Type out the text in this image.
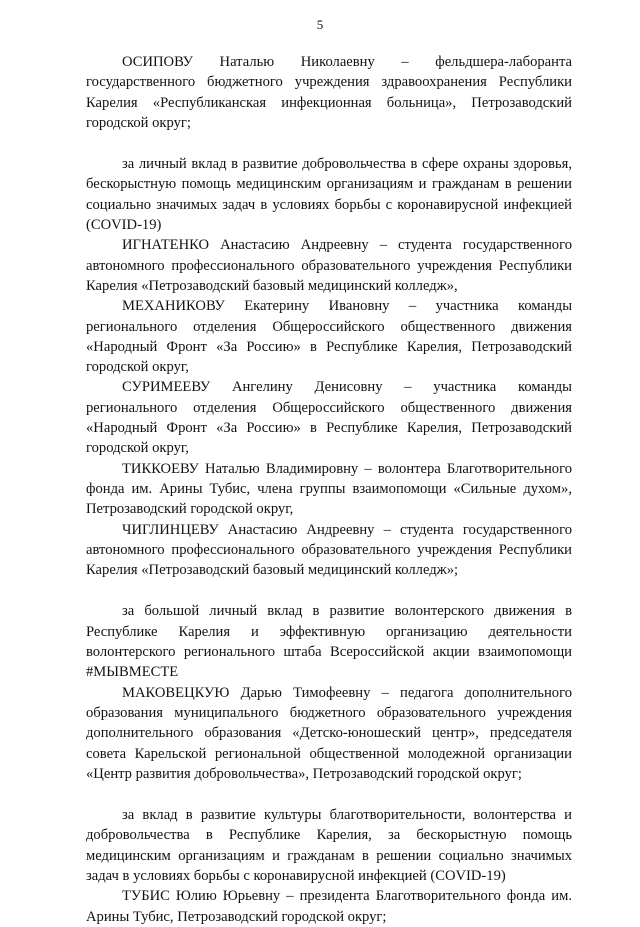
5

ОСИПОВУ Наталью Николаевну – фельдшера-лаборанта государственного бюджетного учреждения здравоохранения Республики Карелия «Республиканская инфекционная больница», Петрозаводский городской округ;

за личный вклад в развитие добровольчества в сфере охраны здоровья, бескорыстную помощь медицинским организациям и гражданам в решении социально значимых задач в условиях борьбы с коронавирусной инфекцией (COVID-19)

ИГНАТЕНКО Анастасию Андреевну – студента государственного автономного профессионального образовательного учреждения Республики Карелия «Петрозаводский базовый медицинский колледж»,

МЕХАНИКОВУ Екатерину Ивановну – участника команды регионального отделения Общероссийского общественного движения «Народный Фронт «За Россию» в Республике Карелия, Петрозаводский городской округ,

СУРИМЕЕВУ Ангелину Денисовну – участника команды регионального отделения Общероссийского общественного движения «Народный Фронт «За Россию» в Республике Карелия, Петрозаводский городской округ,

ТИККОЕВУ Наталью Владимировну – волонтера Благотворительного фонда им. Арины Тубис, члена группы взаимопомощи «Сильные духом», Петрозаводский городской округ,

ЧИГЛИНЦЕВУ Анастасию Андреевну – студента государственного автономного профессионального образовательного учреждения Республики Карелия «Петрозаводский базовый медицинский колледж»;

за большой личный вклад в развитие волонтерского движения в Республике Карелия и эффективную организацию деятельности волонтерского регионального штаба Всероссийской акции взаимопомощи #МЫВМЕСТЕ

МАКОВЕЦКУЮ Дарью Тимофеевну – педагога дополнительного образования муниципального бюджетного образовательного учреждения дополнительного образования «Детско-юношеский центр», председателя совета Карельской региональной общественной молодежной организации «Центр развития добровольчества», Петрозаводский городской округ;

за вклад в развитие культуры благотворительности, волонтерства и добровольчества в Республике Карелия, за бескорыстную помощь медицинским организациям и гражданам в решении социально значимых задач в условиях борьбы с коронавирусной инфекцией (COVID-19)

ТУБИС Юлию Юрьевну – президента Благотворительного фонда им. Арины Тубис, Петрозаводский городской округ;
